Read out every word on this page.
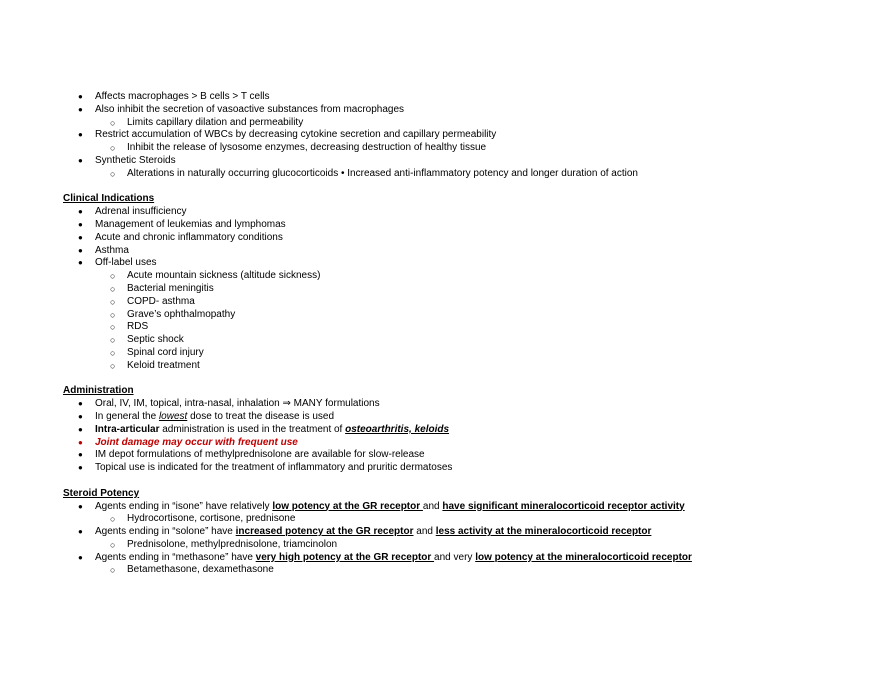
● Affects macrophages > B cells > T cells
● Also inhibit the secretion of vasoactive substances from macrophages
○ Limits capillary dilation and permeability
● Restrict accumulation of WBCs by decreasing cytokine secretion and capillary permeability
○ Inhibit the release of lysosome enzymes, decreasing destruction of healthy tissue
● Synthetic Steroids
○ Alterations in naturally occurring glucocorticoids • Increased anti-inflammatory potency and longer duration of action
Clinical Indications
● Adrenal insufficiency
● Management of leukemias and lymphomas
● Acute and chronic inflammatory conditions
● Asthma
● Off-label uses
○ Acute mountain sickness (altitude sickness)
○ Bacterial meningitis
○ COPD- asthma
○ Grave’s ophthalmopathy
○ RDS
○ Septic shock
○ Spinal cord injury
○ Keloid treatment
Administration
● Oral, IV, IM, topical, intra-nasal, inhalation ⇒ MANY formulations
● In general the lowest dose to treat the disease is used
● Intra-articular administration is used in the treatment of osteoarthritis, keloids
● Joint damage may occur with frequent use
● IM depot formulations of methylprednisolone are available for slow-release
● Topical use is indicated for the treatment of inflammatory and pruritic dermatoses
Steroid Potency
● Agents ending in “isone” have relatively low potency at the GR receptor and have significant mineralocorticoid receptor activity
○ Hydrocortisone, cortisone, prednisone
● Agents ending in “solone” have increased potency at the GR receptor and less activity at the mineralocorticoid receptor
○ Prednisolone, methylprednisolone, triamcinolon
● Agents ending in “methasone” have very high potency at the GR receptor and very low potency at the mineralocorticoid receptor
○ Betamethasone, dexamethasone
